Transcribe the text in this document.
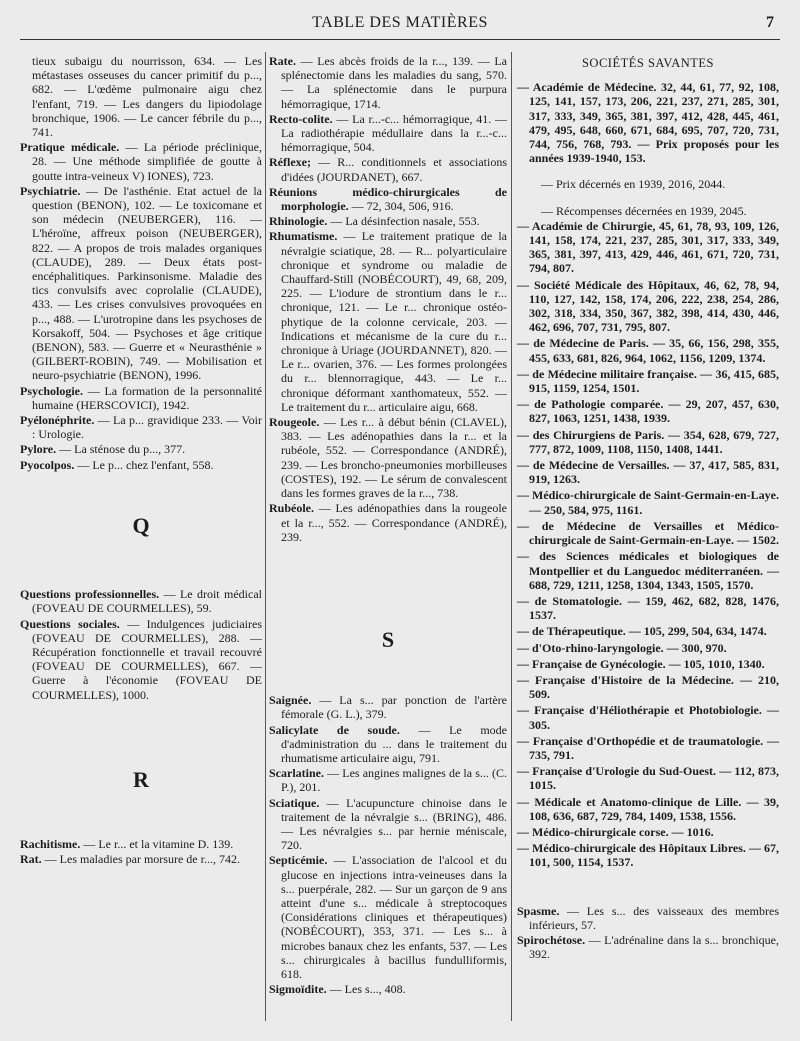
TABLE DES MATIÈRES	7

tieux subaigu du nourrisson, 634. — Les métastases osseuses du cancer primitif du p..., 682. — L'œdème pulmonaire aigu chez l'enfant, 719. — Les dangers du lipiodolage bronchique, 1906. — Le cancer fébrile du p..., 741.

Pratique médicale. — La période préclinique, 28. — Une méthode simplifiée de goutte à goutte intra-veineux V) IONES), 723.

Psychiatrie. — De l'asthénie. Etat actuel de la question (BENON), 102. — Le toxicomane et son médecin (NEUBERGER), 116. — L'héroïne, affreux poison (NEUBERGER), 822. — A propos de trois malades organiques (CLAUDE), 289. — Deux états post-encéphalitiques. Parkinsonisme. Maladie des tics convulsifs avec coprolalie (CLAUDE), 433. — Les crises convulsives provoquées en p..., 488. — L'urotropine dans les psychoses de Korsakoff, 504. — Psychoses et âge critique (BENON), 583. — Guerre et « Neurasthénie » (GILBERT-ROBIN), 749. — Mobilisation et neuro-psychiatrie (BENON), 1996.

Psychologie. — La formation de la personnalité humaine (HERSCOVICI), 1942.

Pyélonéphrite. — La p... gravidique 233. — Voir : Urologie.

Pylore. — La sténose du p..., 377.

Pyocolpos. — Le p... chez l'enfant, 558.

Q

Questions professionnelles. — Le droit médical (FOVEAU DE COURMELLES), 59.

Questions sociales. — Indulgences judiciaires (FOVEAU DE COURMELLES), 288. — Récupération fonctionnelle et travail recouvré (FOVEAU DE COURMELLES), 667. — Guerre à l'économie (FOVEAU DE COURMELLES), 1000.

R

Rachitisme. — Le r... et la vitamine D. 139.

Rat. — Les maladies par morsure de r..., 742.

Rate. — Les abcès froids de la r..., 139. — La splénectomie dans les maladies du sang, 570. — La splénectomie dans le purpura hémorragique, 1714.

Recto-colite. — La r...-c... hémorragique, 41. — La radiothérapie médullaire dans la r...-c... hémorragique, 504.

Réflexe; — R... conditionnels et associations d'idées (JOURDANET), 667.

Réunions médico-chirurgicales de morphologie. — 72, 304, 506, 916.

Rhinologie. — La désinfection nasale, 553.

Rhumatisme. — Le traitement pratique de la névralgie sciatique, 28. — R... polyarticulaire chronique et syndrome ou maladie de Chauffard-Still (NOBÉCOURT), 49, 68, 209, 225. — L'iodure de strontium dans le r... chronique, 121. — Le r... chronique ostéo-phytique de la colonne cervicale, 203. — Indications et mécanisme de la cure du r... chronique à Uriage (JOURDANNET), 820. — Le r... ovarien, 376. — Les formes prolongées du r... blennorragique, 443. — Le r... chronique déformant xanthomateux, 552. — Le traitement du r... articulaire aigu, 668.

Rougeole. — Les r... à début bénin (CLAVEL), 383. — Les adénopathies dans la r... et la rubéole, 552. — Correspondance (ANDRÉ), 239. — Les broncho-pneumonies morbilleuses (COSTES), 192. — Le sérum de convalescent dans les formes graves de la r..., 738.

Rubéole. — Les adénopathies dans la rougeole et la r..., 552. — Correspondance (ANDRÉ), 239.

S

Saignée. — La s... par ponction de l'artère fémorale (G. L.), 379.

Salicylate de soude. — Le mode d'administration du ... dans le traitement du rhumatisme articulaire aigu, 791.

Scarlatine. — Les angines malignes de la s... (C. P.), 201.

Sciatique. — L'acupuncture chinoise dans le traitement de la névralgie s... (BRING), 486. — Les névralgies s... par hernie méniscale, 720.

Septicémie. — L'association de l'alcool et du glucose en injections intra-veineuses dans la s... puerpérale, 282. — Sur un garçon de 9 ans atteint d'une s... médicale à streptocoques (Considérations cliniques et thérapeutiques) (NOBÉCOURT), 353, 371. — Les s... à microbes banaux chez les enfants, 537. — Les s... chirurgicales à bacillus fundulliformis, 618.

Sigmoïdite. — Les s..., 408.

SOCIÉTÉS SAVANTES

— Académie de Médecine. 32, 44, 61, 77, 92, 108, 125, 141, 157, 173, 206, 221, 237, 271, 285, 301, 317, 333, 349, 365, 381, 397, 412, 428, 445, 461, 479, 495, 648, 660, 671, 684, 695, 707, 720, 731, 744, 756, 768, 793. — Prix proposés pour les années 1939-1940, 153.

— Prix décernés en 1939, 2016, 2044.

— Récompenses décernées en 1939, 2045.

— Académie de Chirurgie, 45, 61, 78, 93, 109, 126, 141, 158, 174, 221, 237, 285, 301, 317, 333, 349, 365, 381, 397, 413, 429, 446, 461, 671, 720, 731, 794, 807.

— Société Médicale des Hôpitaux, 46, 62, 78, 94, 110, 127, 142, 158, 174, 206, 222, 238, 254, 286, 302, 318, 334, 350, 367, 382, 398, 414, 430, 446, 462, 696, 707, 731, 795, 807.

— de Médecine de Paris. — 35, 66, 156, 298, 355, 455, 633, 681, 826, 964, 1062, 1156, 1209, 1374.

— de Médecine militaire française. — 36, 415, 685, 915, 1159, 1254, 1501.

— de Pathologie comparée. — 29, 207, 457, 630, 827, 1063, 1251, 1438, 1939.

— des Chirurgiens de Paris. — 354, 628, 679, 727, 777, 872, 1009, 1108, 1150, 1408, 1441.

— de Médecine de Versailles. — 37, 417, 585, 831, 919, 1263.

— Médico-chirurgicale de Saint-Germain-en-Laye. — 250, 584, 975, 1161.

— de Médecine de Versailles et Médico-chirurgicale de Saint-Germain-en-Laye. — 1502.

— des Sciences médicales et biologiques de Montpellier et du Languedoc méditerranéen. — 688, 729, 1211, 1258, 1304, 1343, 1505, 1570.

— de Stomatologie. — 159, 462, 682, 828, 1476, 1537.

— de Thérapeutique. — 105, 299, 504, 634, 1474.

— d'Oto-rhino-laryngologie. — 300, 970.

— Française de Gynécologie. — 105, 1010, 1340.

— Française d'Histoire de la Médecine. — 210, 509.

— Française d'Héliothérapie et Photobiologie. — 305.

— Française d'Orthopédie et de traumatologie. — 735, 791.

— Française d'Urologie du Sud-Ouest. — 112, 873, 1015.

— Médicale et Anatomo-clinique de Lille. — 39, 108, 636, 687, 729, 784, 1409, 1538, 1556.

— Médico-chirurgicale corse. — 1016.

— Médico-chirurgicale des Hôpitaux Libres. — 67, 101, 500, 1154, 1537.

Spasme. — Les s... des vaisseaux des membres inférieurs, 57.

Spirochétose. — L'adrénaline dans la s... bronchique, 392.
